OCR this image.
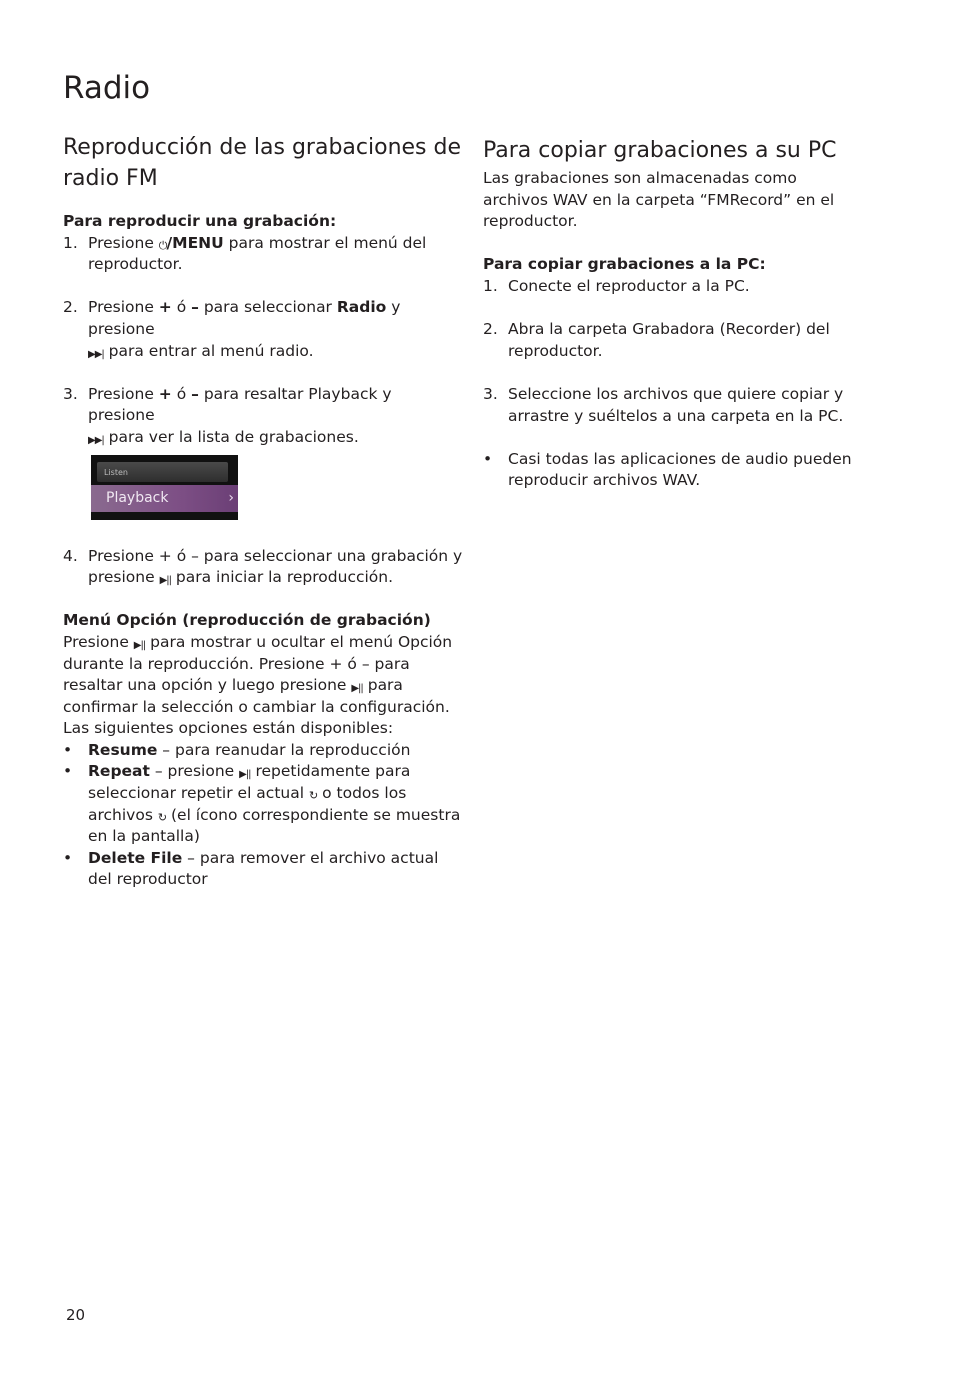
Radio
Reproducción de las grabaciones de radio FM
Para reproducir una grabación:
1. Presione ⏻/MENU para mostrar el menú del reproductor.
2. Presione + ó – para seleccionar Radio y presione
▶▶| para entrar al menú radio.
3. Presione + ó – para resaltar Playback y presione
▶▶| para ver la lista de grabaciones.
Listen
Playback	›
4. Presione + ó – para seleccionar una grabación y presione ▶|| para iniciar la reproducción.
Menú Opción (reproducción de grabación)

Presione ▶|| para mostrar u ocultar el menú Opción durante la reproducción. Presione + ó – para resaltar una opción y luego presione ▶|| para confirmar la selección o cambiar la configuración.

Las siguientes opciones están disponibles:

• Resume – para reanudar la reproducción
• Repeat – presione ▶|| repetidamente para seleccionar repetir el actual ↻ o todos los archivos ↻ (el ícono correspondiente se muestra en la pantalla)
• Delete File – para remover el archivo actual del reproductor
Para copiar grabaciones a su PC

Las grabaciones son almacenadas como archivos WAV en la carpeta “FMRecord” en el reproductor.

Para copiar grabaciones a la PC:
1. Conecte el reproductor a la PC.
2. Abra la carpeta Grabadora (Recorder) del reproductor.
3. Seleccione los archivos que quiere copiar y arrastre y suéltelos a una carpeta en la PC.
• Casi todas las aplicaciones de audio pueden reproducir archivos WAV.
20
